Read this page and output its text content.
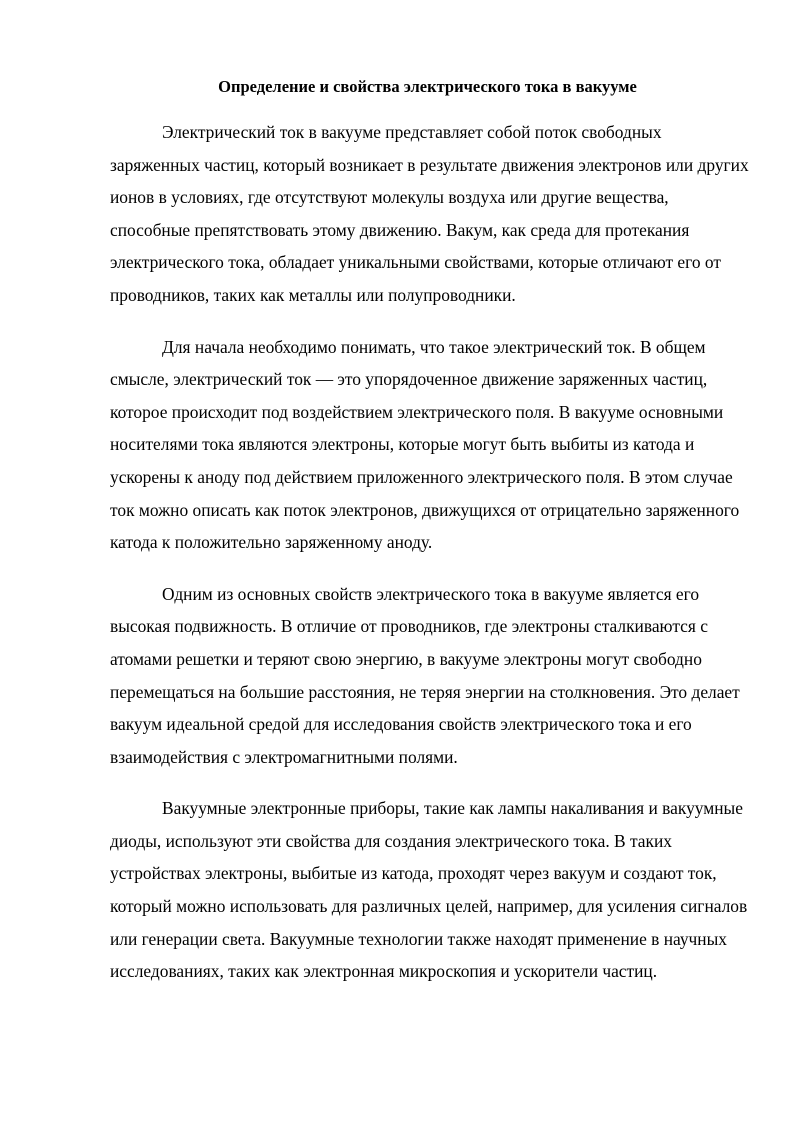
Определение и свойства электрического тока в вакууме

Электрический ток в вакууме представляет собой поток свободных заряженных частиц, который возникает в результате движения электронов или других ионов в условиях, где отсутствуют молекулы воздуха или другие вещества, способные препятствовать этому движению. Вакум, как среда для протекания электрического тока, обладает уникальными свойствами, которые отличают его от проводников, таких как металлы или полупроводники.

Для начала необходимо понимать, что такое электрический ток. В общем смысле, электрический ток — это упорядоченное движение заряженных частиц, которое происходит под воздействием электрического поля. В вакууме основными носителями тока являются электроны, которые могут быть выбиты из катода и ускорены к аноду под действием приложенного электрического поля. В этом случае ток можно описать как поток электронов, движущихся от отрицательно заряженного катода к положительно заряженному аноду.

Одним из основных свойств электрического тока в вакууме является его высокая подвижность. В отличие от проводников, где электроны сталкиваются с атомами решетки и теряют свою энергию, в вакууме электроны могут свободно перемещаться на большие расстояния, не теряя энергии на столкновения. Это делает вакуум идеальной средой для исследования свойств электрического тока и его взаимодействия с электромагнитными полями.

Вакуумные электронные приборы, такие как лампы накаливания и вакуумные диоды, используют эти свойства для создания электрического тока. В таких устройствах электроны, выбитые из катода, проходят через вакуум и создают ток, который можно использовать для различных целей, например, для усиления сигналов или генерации света. Вакуумные технологии также находят применение в научных исследованиях, таких как электронная микроскопия и ускорители частиц.
